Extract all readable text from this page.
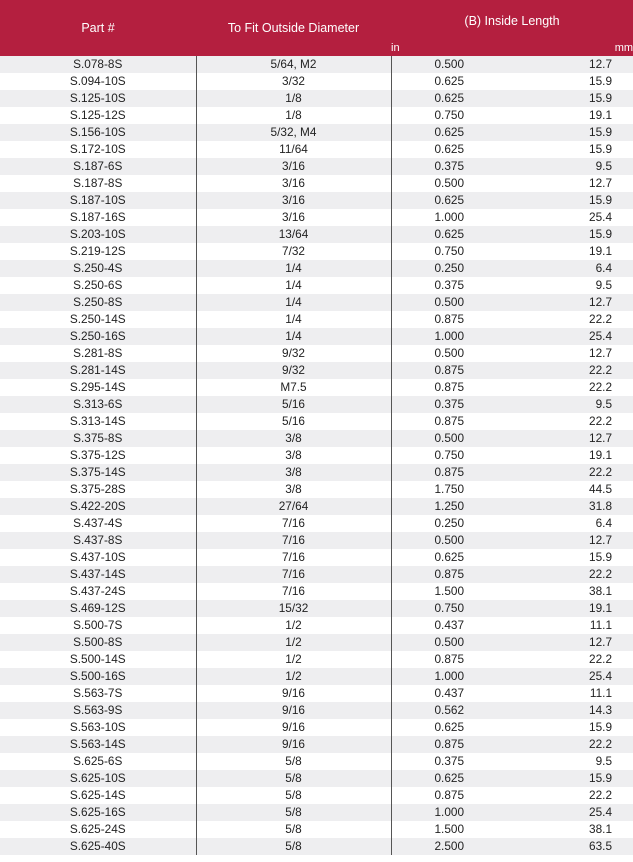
Part #	To Fit Outside Diameter	(B) Inside Length	
		in	mm
S.078-8S	5/64, M2	0.500	12.7
S.094-10S	3/32	0.625	15.9
S.125-10S	1/8	0.625	15.9
S.125-12S	1/8	0.750	19.1
S.156-10S	5/32, M4	0.625	15.9
S.172-10S	11/64	0.625	15.9
S.187-6S	3/16	0.375	9.5
S.187-8S	3/16	0.500	12.7
S.187-10S	3/16	0.625	15.9
S.187-16S	3/16	1.000	25.4
S.203-10S	13/64	0.625	15.9
S.219-12S	7/32	0.750	19.1
S.250-4S	1/4	0.250	6.4
S.250-6S	1/4	0.375	9.5
S.250-8S	1/4	0.500	12.7
S.250-14S	1/4	0.875	22.2
S.250-16S	1/4	1.000	25.4
S.281-8S	9/32	0.500	12.7
S.281-14S	9/32	0.875	22.2
S.295-14S	M7.5	0.875	22.2
S.313-6S	5/16	0.375	9.5
S.313-14S	5/16	0.875	22.2
S.375-8S	3/8	0.500	12.7
S.375-12S	3/8	0.750	19.1
S.375-14S	3/8	0.875	22.2
S.375-28S	3/8	1.750	44.5
S.422-20S	27/64	1.250	31.8
S.437-4S	7/16	0.250	6.4
S.437-8S	7/16	0.500	12.7
S.437-10S	7/16	0.625	15.9
S.437-14S	7/16	0.875	22.2
S.437-24S	7/16	1.500	38.1
S.469-12S	15/32	0.750	19.1
S.500-7S	1/2	0.437	11.1
S.500-8S	1/2	0.500	12.7
S.500-14S	1/2	0.875	22.2
S.500-16S	1/2	1.000	25.4
S.563-7S	9/16	0.437	11.1
S.563-9S	9/16	0.562	14.3
S.563-10S	9/16	0.625	15.9
S.563-14S	9/16	0.875	22.2
S.625-6S	5/8	0.375	9.5
S.625-10S	5/8	0.625	15.9
S.625-14S	5/8	0.875	22.2
S.625-16S	5/8	1.000	25.4
S.625-24S	5/8	1.500	38.1
S.625-40S	5/8	2.500	63.5
